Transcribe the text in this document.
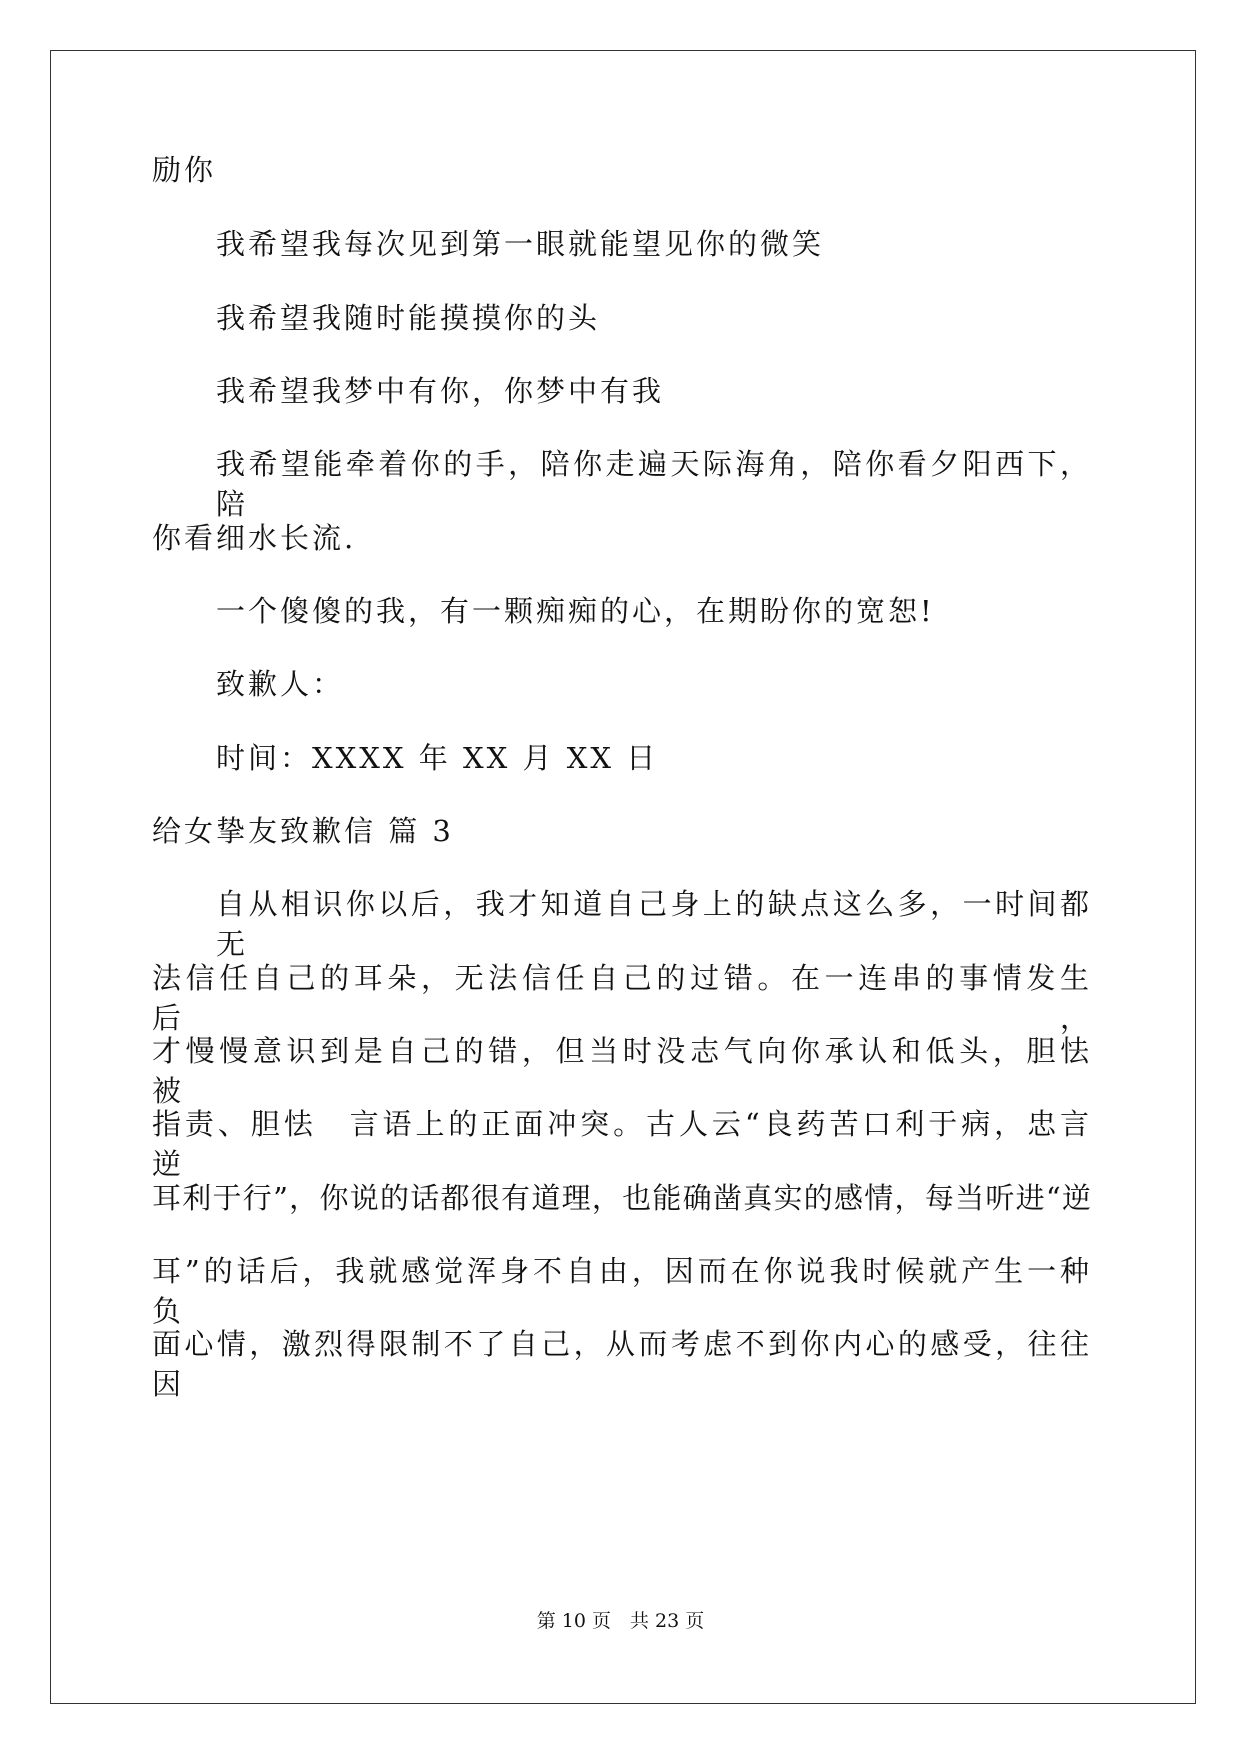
励你
我希望我每次见到第一眼就能望见你的微笑
我希望我随时能摸摸你的头
我希望我梦中有你，你梦中有我
我希望能牵着你的手，陪你走遍天际海角，陪你看夕阳西下，陪
你看细水长流.
一个傻傻的我，有一颗痴痴的心，在期盼你的宽恕!
致歉人：
时间：XXXX 年 XX 月 XX 日
给女挚友致歉信 篇 3
自从相识你以后，我才知道自己身上的缺点这么多，一时间都无
法信任自己的耳朵，无法信任自己的过错。在一连串的事情发生后，
才慢慢意识到是自己的错，但当时没志气向你承认和低头，胆怯　被
指责、胆怯　言语上的正面冲突。古人云“良药苦口利于病，忠言逆
耳利于行”，你说的话都很有道理，也能确凿真实的感情，每当听进“逆
耳”的话后，我就感觉浑身不自由，因而在你说我时候就产生一种负
面心情，激烈得限制不了自己，从而考虑不到你内心的感受，往往因
第 10 页　共 23 页
